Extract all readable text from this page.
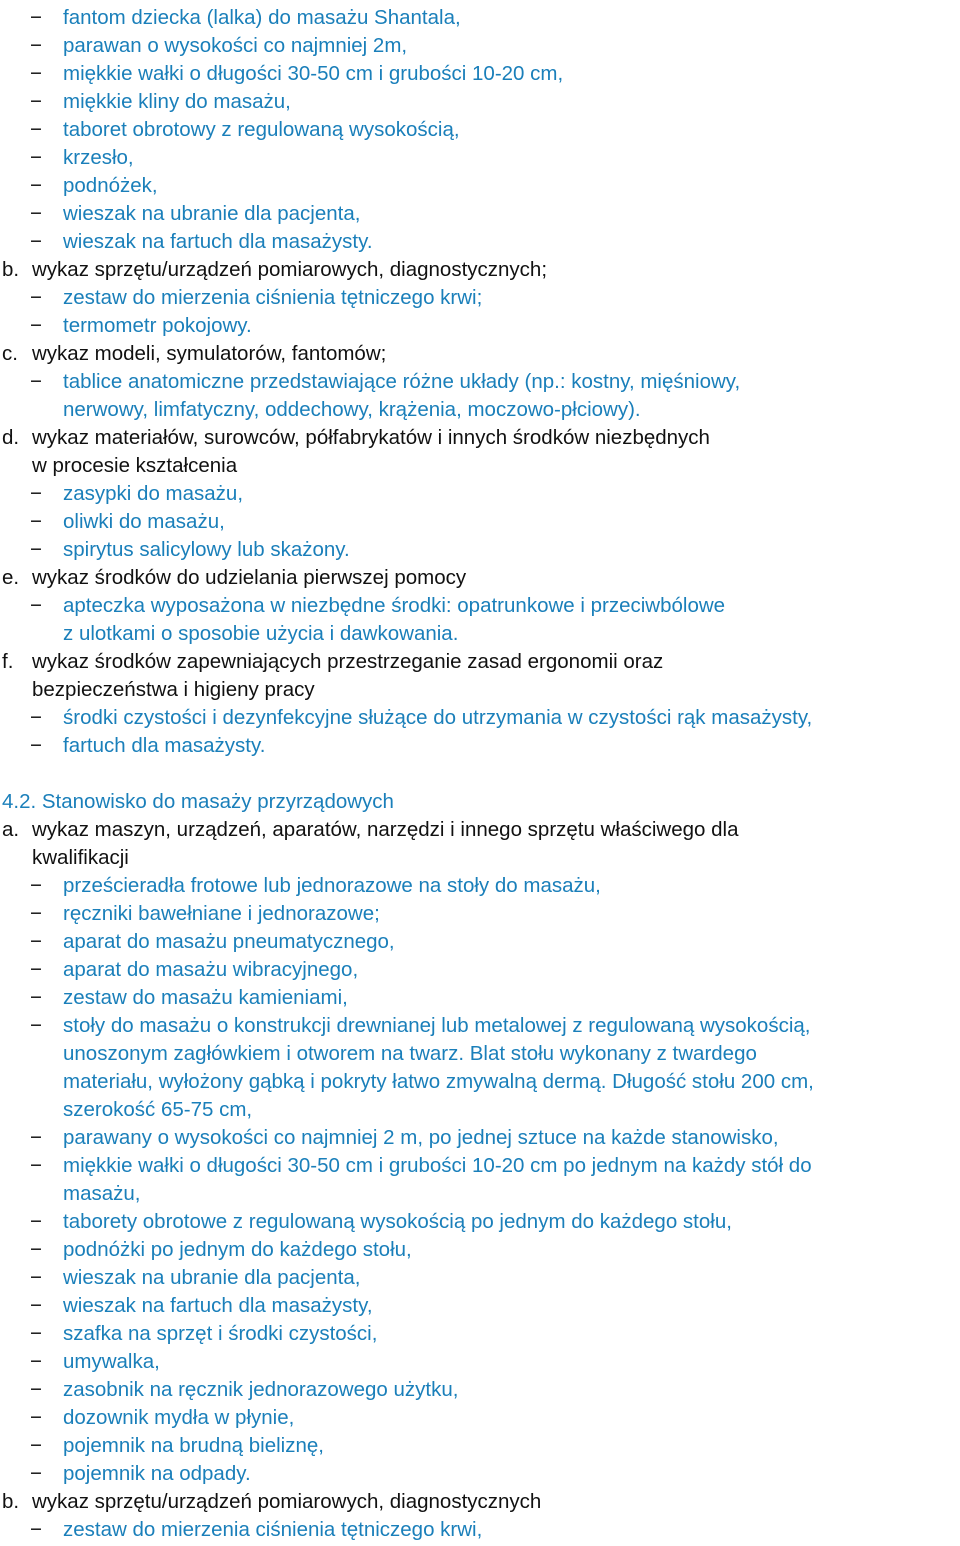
− fantom dziecka (lalka) do masażu Shantala,
− parawan o wysokości co najmniej 2m,
− miękkie wałki o długości 30-50 cm i grubości 10-20 cm,
− miękkie kliny do masażu,
− taboret obrotowy z regulowaną wysokością,
− krzesło,
− podnóżek,
− wieszak na ubranie dla pacjenta,
− wieszak na fartuch dla masażysty.
b. wykaz sprzętu/urządzeń pomiarowych, diagnostycznych;
− zestaw do mierzenia ciśnienia tętniczego krwi;
− termometr pokojowy.
c. wykaz modeli, symulatorów, fantomów;
− tablice anatomiczne przedstawiające różne układy (np.: kostny, mięśniowy,
nerwowy, limfatyczny, oddechowy, krążenia, moczowo-płciowy).
d. wykaz materiałów, surowców, półfabrykatów i innych środków niezbędnych
w procesie kształcenia
− zasypki do masażu,
− oliwki do masażu,
− spirytus salicylowy lub skażony.
e. wykaz środków do udzielania pierwszej pomocy
− apteczka wyposażona w niezbędne środki: opatrunkowe i przeciwbólowe
z ulotkami o sposobie użycia i dawkowania.
f. wykaz środków zapewniających przestrzeganie zasad ergonomii oraz
bezpieczeństwa i higieny pracy
− środki czystości i dezynfekcyjne służące do utrzymania w czystości rąk masażysty,
− fartuch dla masażysty.
4.2. Stanowisko do masaży przyrządowych
a. wykaz maszyn, urządzeń, aparatów, narzędzi i innego sprzętu właściwego dla
kwalifikacji
− prześcieradła frotowe lub jednorazowe na stoły do masażu,
− ręczniki bawełniane i jednorazowe;
− aparat do masażu pneumatycznego,
− aparat do masażu wibracyjnego,
− zestaw do masażu kamieniami,
− stoły do masażu o konstrukcji drewnianej lub metalowej z regulowaną wysokością,
unoszonym zagłówkiem i otworem na twarz. Blat stołu wykonany z twardego
materiału, wyłożony gąbką i pokryty łatwo zmywalną dermą. Długość stołu 200 cm,
szerokość 65-75 cm,
− parawany o wysokości co najmniej 2 m, po jednej sztuce na każde stanowisko,
− miękkie wałki o długości 30-50 cm i grubości 10-20 cm po jednym na każdy stół do
masażu,
− taborety obrotowe z regulowaną wysokością po jednym do każdego stołu,
− podnóżki po jednym do każdego stołu,
− wieszak na ubranie dla pacjenta,
− wieszak na fartuch dla masażysty,
− szafka na sprzęt i środki czystości,
− umywalka,
− zasobnik na ręcznik jednorazowego użytku,
− dozownik mydła w płynie,
− pojemnik na brudną bieliznę,
− pojemnik na odpady.
b. wykaz sprzętu/urządzeń pomiarowych, diagnostycznych
− zestaw do mierzenia ciśnienia tętniczego krwi,
